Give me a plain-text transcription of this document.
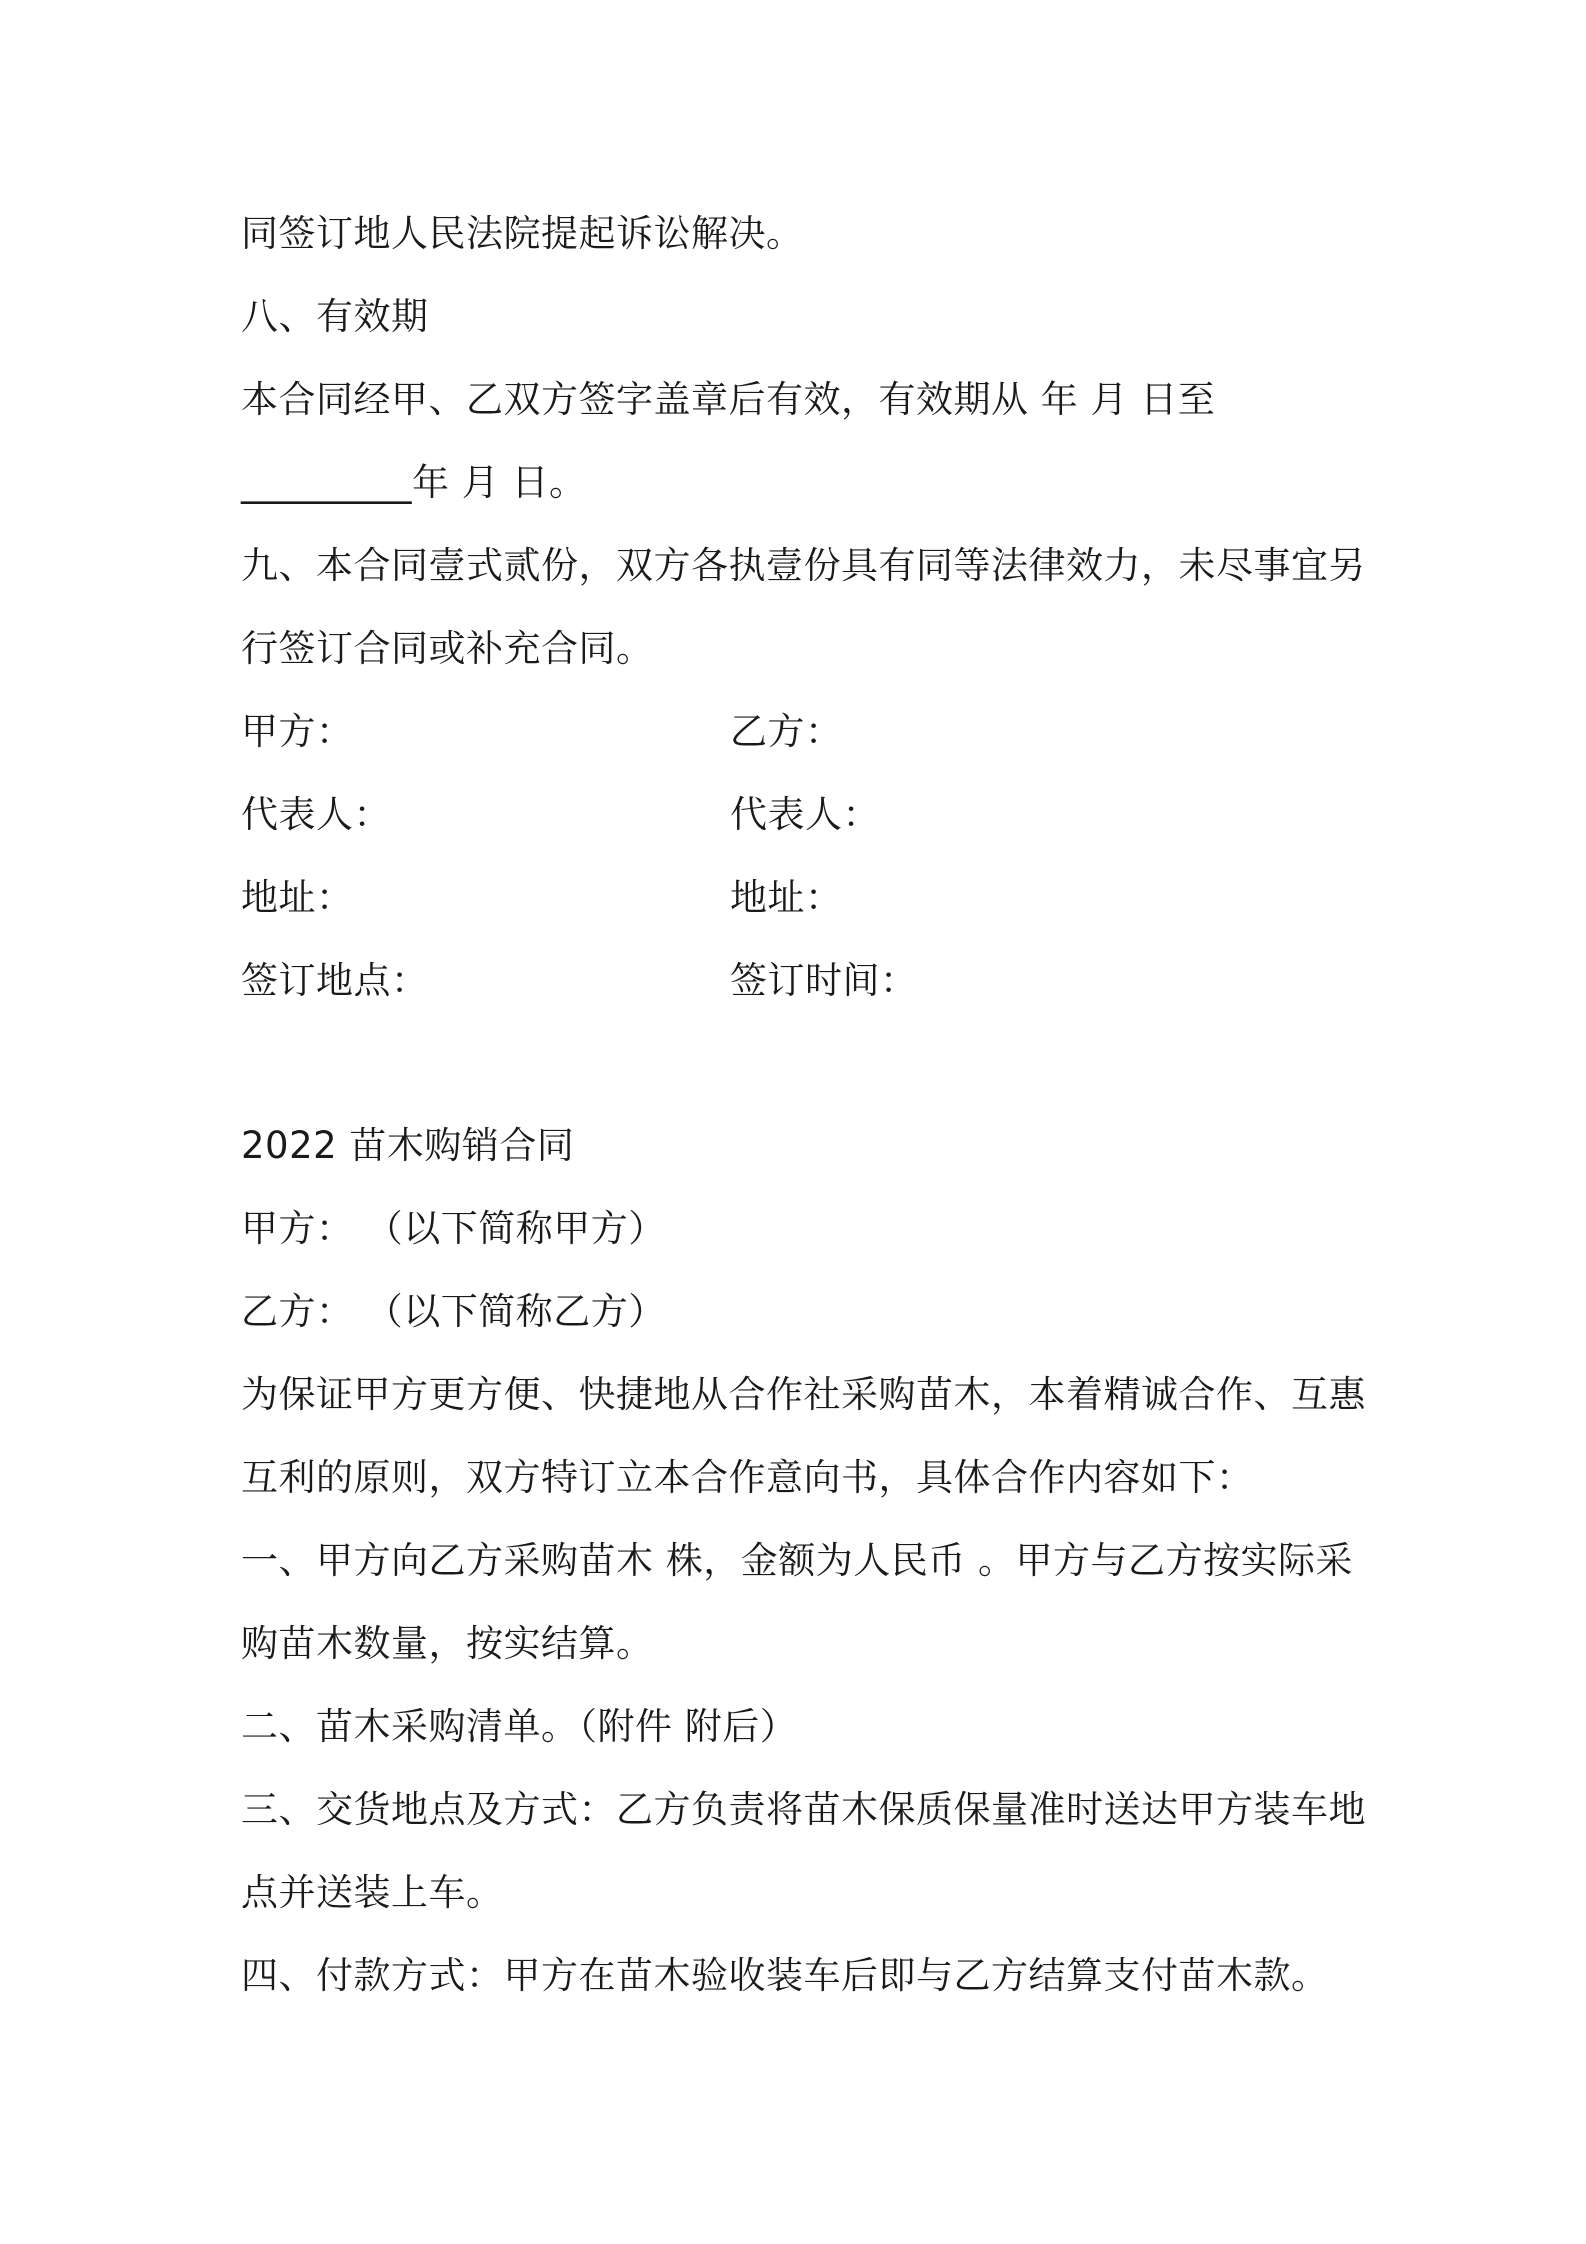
同签订地人民法院提起诉讼解决。
八、有效期
本合同经甲、乙双方签字盖章后有效，有效期从 年 月 日至
_________年 月 日。
九、本合同壹式贰份，双方各执壹份具有同等法律效力，未尽事宜另
行签订合同或补充合同。
甲方：	乙方：
代表人：	代表人：
地址：	地址：
签订地点：	签订时间：
2022 苗木购销合同
甲方： （以下简称甲方）
乙方： （以下简称乙方）
为保证甲方更方便、快捷地从合作社采购苗木，本着精诚合作、互惠
互利的原则，双方特订立本合作意向书，具体合作内容如下：
一、甲方向乙方采购苗木 株，金额为人民币 。甲方与乙方按实际采
购苗木数量，按实结算。
二、苗木采购清单。（附件 附后）
三、交货地点及方式：乙方负责将苗木保质保量准时送达甲方装车地
点并送装上车。
四、付款方式：甲方在苗木验收装车后即与乙方结算支付苗木款。
